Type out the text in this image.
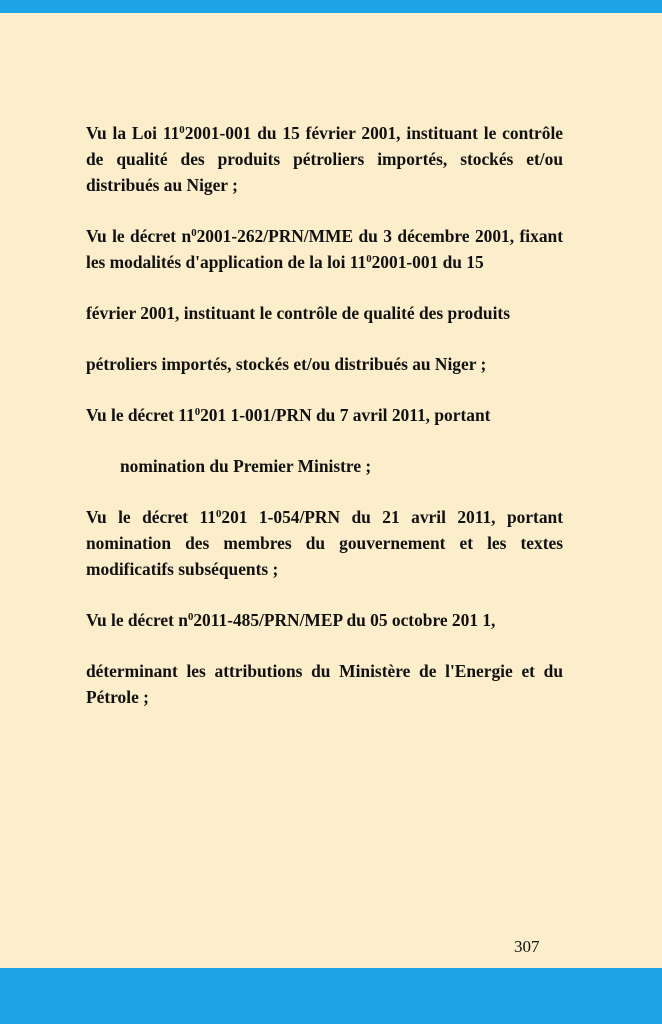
Vu la Loi $11^02001-001$ du 15 février 2001, instituant le contrôle de qualité des produits pétroliers importés, stockés et/ou distribués au Niger ;

Vu le décret $n^02001-262/PRN$/MME du 3 décembre 2001, fixant les modalités d'application de la loi $11^02001-001$ du 15

février 2001, instituant le contrôle de qualité des produits

pétroliers importés, stockés et/ou distribués au Niger ;

Vu le décret $11^0201$ 1-001/PRN du 7 avril 2011, portant

nomination du Premier Ministre ;

Vu le décret $11^0201$ 1-054/PRN du 21 avril 2011, portant nomination des membres du gouvernement et les textes modificatifs subséquents ;

Vu le décret $n^02011-485/PRN$/MEP du 05 octobre 201 1,

déterminant les attributions du Ministère de l'Energie et du Pétrole ;

307
